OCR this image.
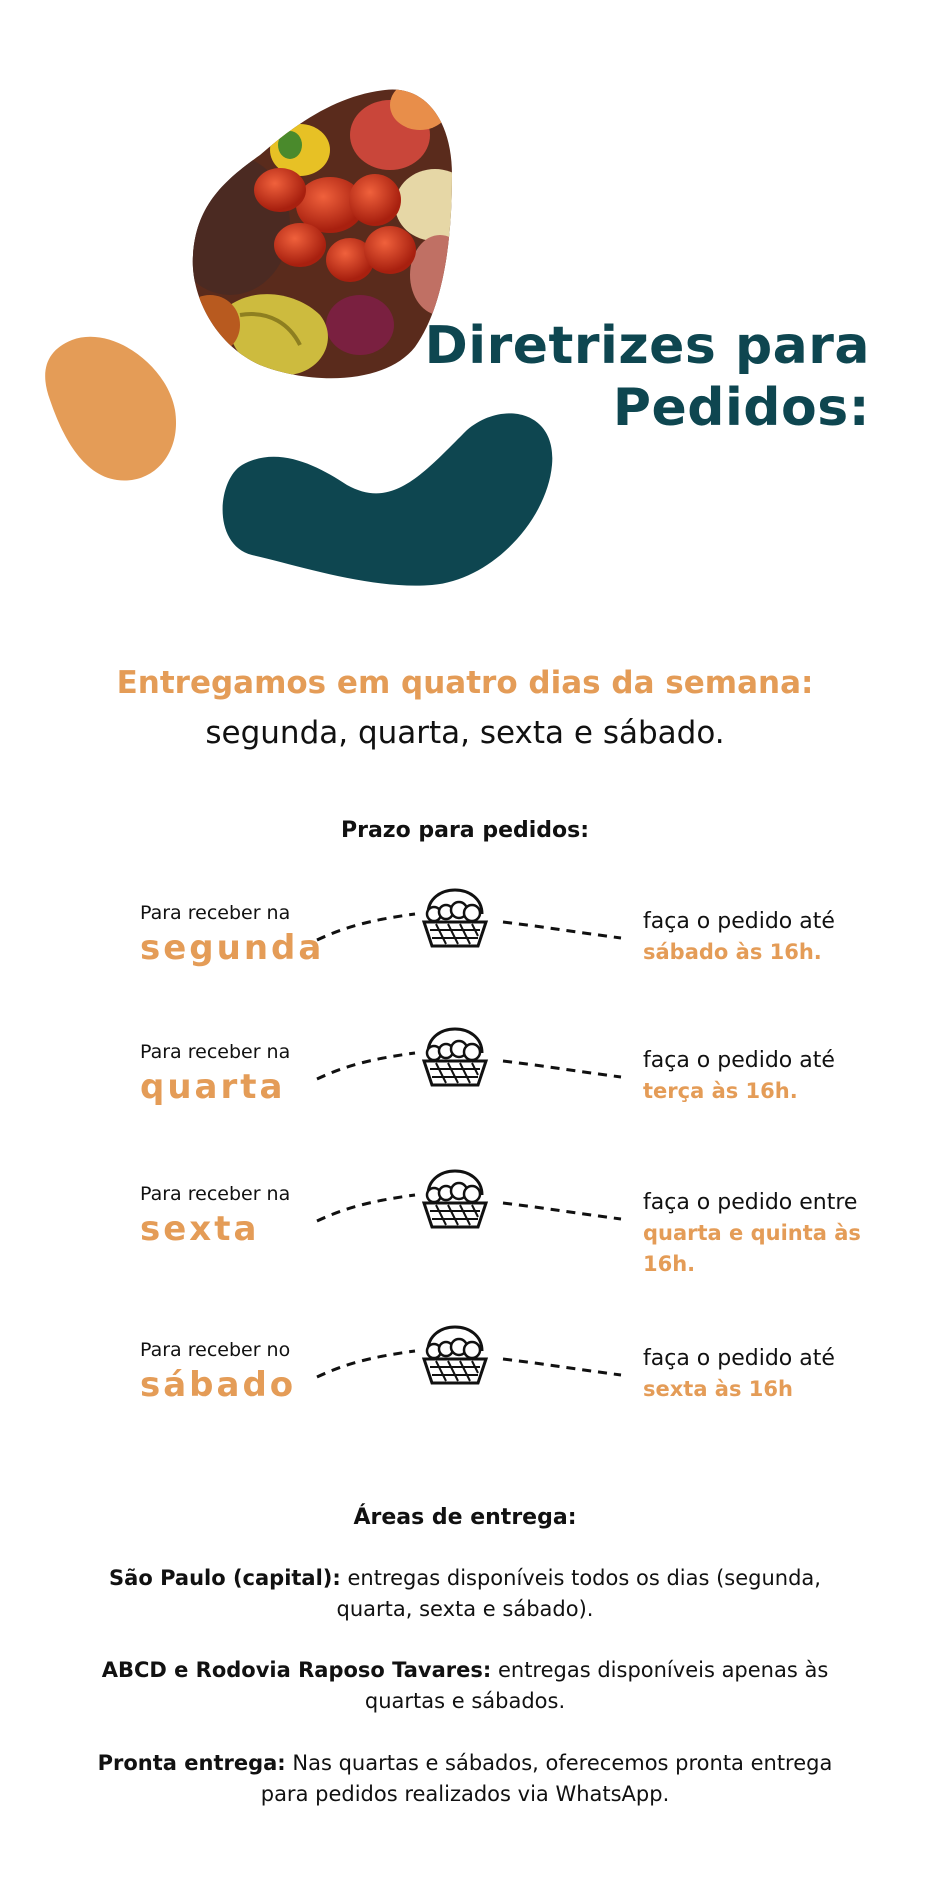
Diretrizes para
Pedidos:
Entregamos em quatro dias da semana:
segunda, quarta, sexta e sábado.
Prazo para pedidos:
Para receber na
segunda
faça o pedido até sábado às 16h.
Para receber na
quarta
faça o pedido até terça às 16h.
Para receber na
sexta
faça o pedido entre quarta e quinta às 16h.
Para receber no
sábado
faça o pedido até sexta às 16h
Áreas de entrega:
São Paulo (capital): entregas disponíveis todos os dias (segunda, quarta, sexta e sábado).
ABCD e Rodovia Raposo Tavares: entregas disponíveis apenas às quartas e sábados.
Pronta entrega: Nas quartas e sábados, oferecemos pronta entrega para pedidos realizados via WhatsApp.
